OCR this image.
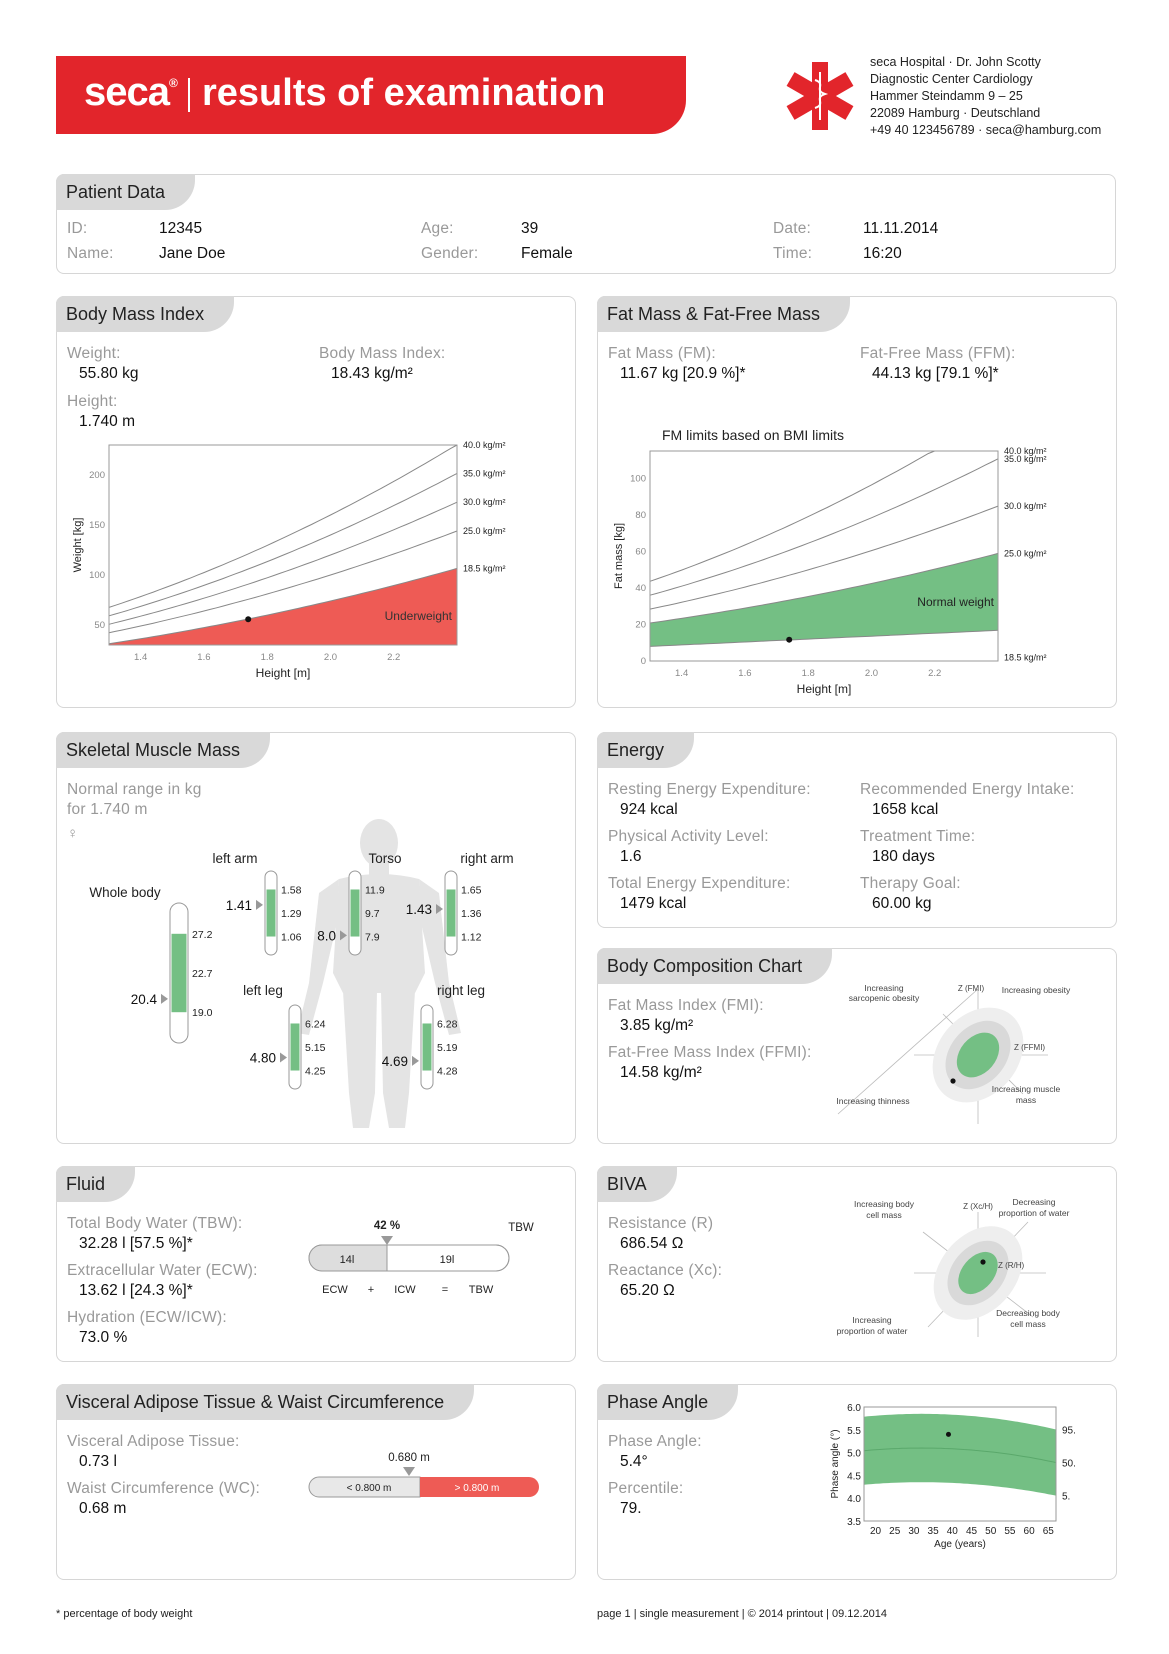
seca® results of examination
seca Hospital · Dr. John Scotty
Diagnostic Center Cardiology
Hammer Steindamm 9 – 25
22089 Hamburg · Deutschland
+49 40 123456789 · seca@hamburg.com
Patient Data
ID:	12345
Name:	Jane Doe
Age:	39
Gender:	Female
Date:	11.11.2014
Time:	16:20
Body Mass Index
Weight:
55.80 kg
Body Mass Index:
18.43 kg/m²
Height:
1.740 m
40.0 kg/m²
35.0 kg/m²
30.0 kg/m²
25.0 kg/m²
18.5 kg/m²
1.4	1.6	1.8	2.0	2.2
50
100
150
200
Height [m]
Weight [kg]
Underweight
Fat Mass & Fat-Free Mass
Fat Mass (FM):
11.67 kg [20.9 %]*
Fat-Free Mass (FFM):
44.13 kg [79.1 %]*
40.0 kg/m²
35.0 kg/m²
30.0 kg/m²
25.0 kg/m²
18.5 kg/m²
1.4	1.6	1.8	2.0	2.2
0
20
40
60
80
100
FM limits based on BMI limits
Height [m]
Fat mass [kg]
Normal weight
Skeletal Muscle Mass
Normal range in kg
for 1.740 m
♀
27.2
22.7
19.0
20.4
Whole body	1.58
1.29
1.06
1.41
left arm
11.9
9.7
7.9
8.0
Torso
1.65
1.36
1.12
1.43
right arm
6.24
5.15
4.25
4.80
left leg
6.28
5.19
4.28
4.69
right leg
Energy
Resting Energy Expenditure:
924 kcal
Recommended Energy Intake:
1658 kcal
Physical Activity Level:
1.6
Treatment Time:
180 days
Total Energy Expenditure:
1479 kcal
Therapy Goal:
60.00 kg
Body Composition Chart
Fat Mass Index (FMI):
3.85 kg/m²
Fat-Free Mass Index (FFMI):
14.58 kg/m²
Increasing
sarcopenic obesity
Z (FMI) Increasing obesity
Z (FFMI)
Increasing thinness
Increasing muscle
mass
Fluid
Total Body Water (TBW):
32.28 l [57.5 %]*
Extracellular Water (ECW):
13.62 l [24.3 %]*
Hydration (ECW/ICW):
73.0 %
42 %	TBW
14l	19l
ECW + ICW = TBW
BIVA
Resistance (R)
686.54 Ω
Reactance (Xc):
65.20 Ω
Increasing body
cell mass
Z (Xc/H) Decreasing
proportion of water
Z (R/H)
Increasing
proportion of water
Decreasing body
cell mass
Visceral Adipose Tissue & Waist Circumference
Visceral Adipose Tissue:
0.73 l
Waist Circumference (WC):
0.68 m
0.680 m
< 0.800 m	> 0.800 m
Phase Angle
Phase Angle:
5.4°
Percentile:
79.
20 25 30 35 40 45 50 55 60 65
3.5
4.0
4.5
5.0
5.5
6.0
95.
50.
5.
Age (years)
Phase angle (°)
* percentage of body weight	page 1 | single measurement | © 2014 printout | 09.12.2014
